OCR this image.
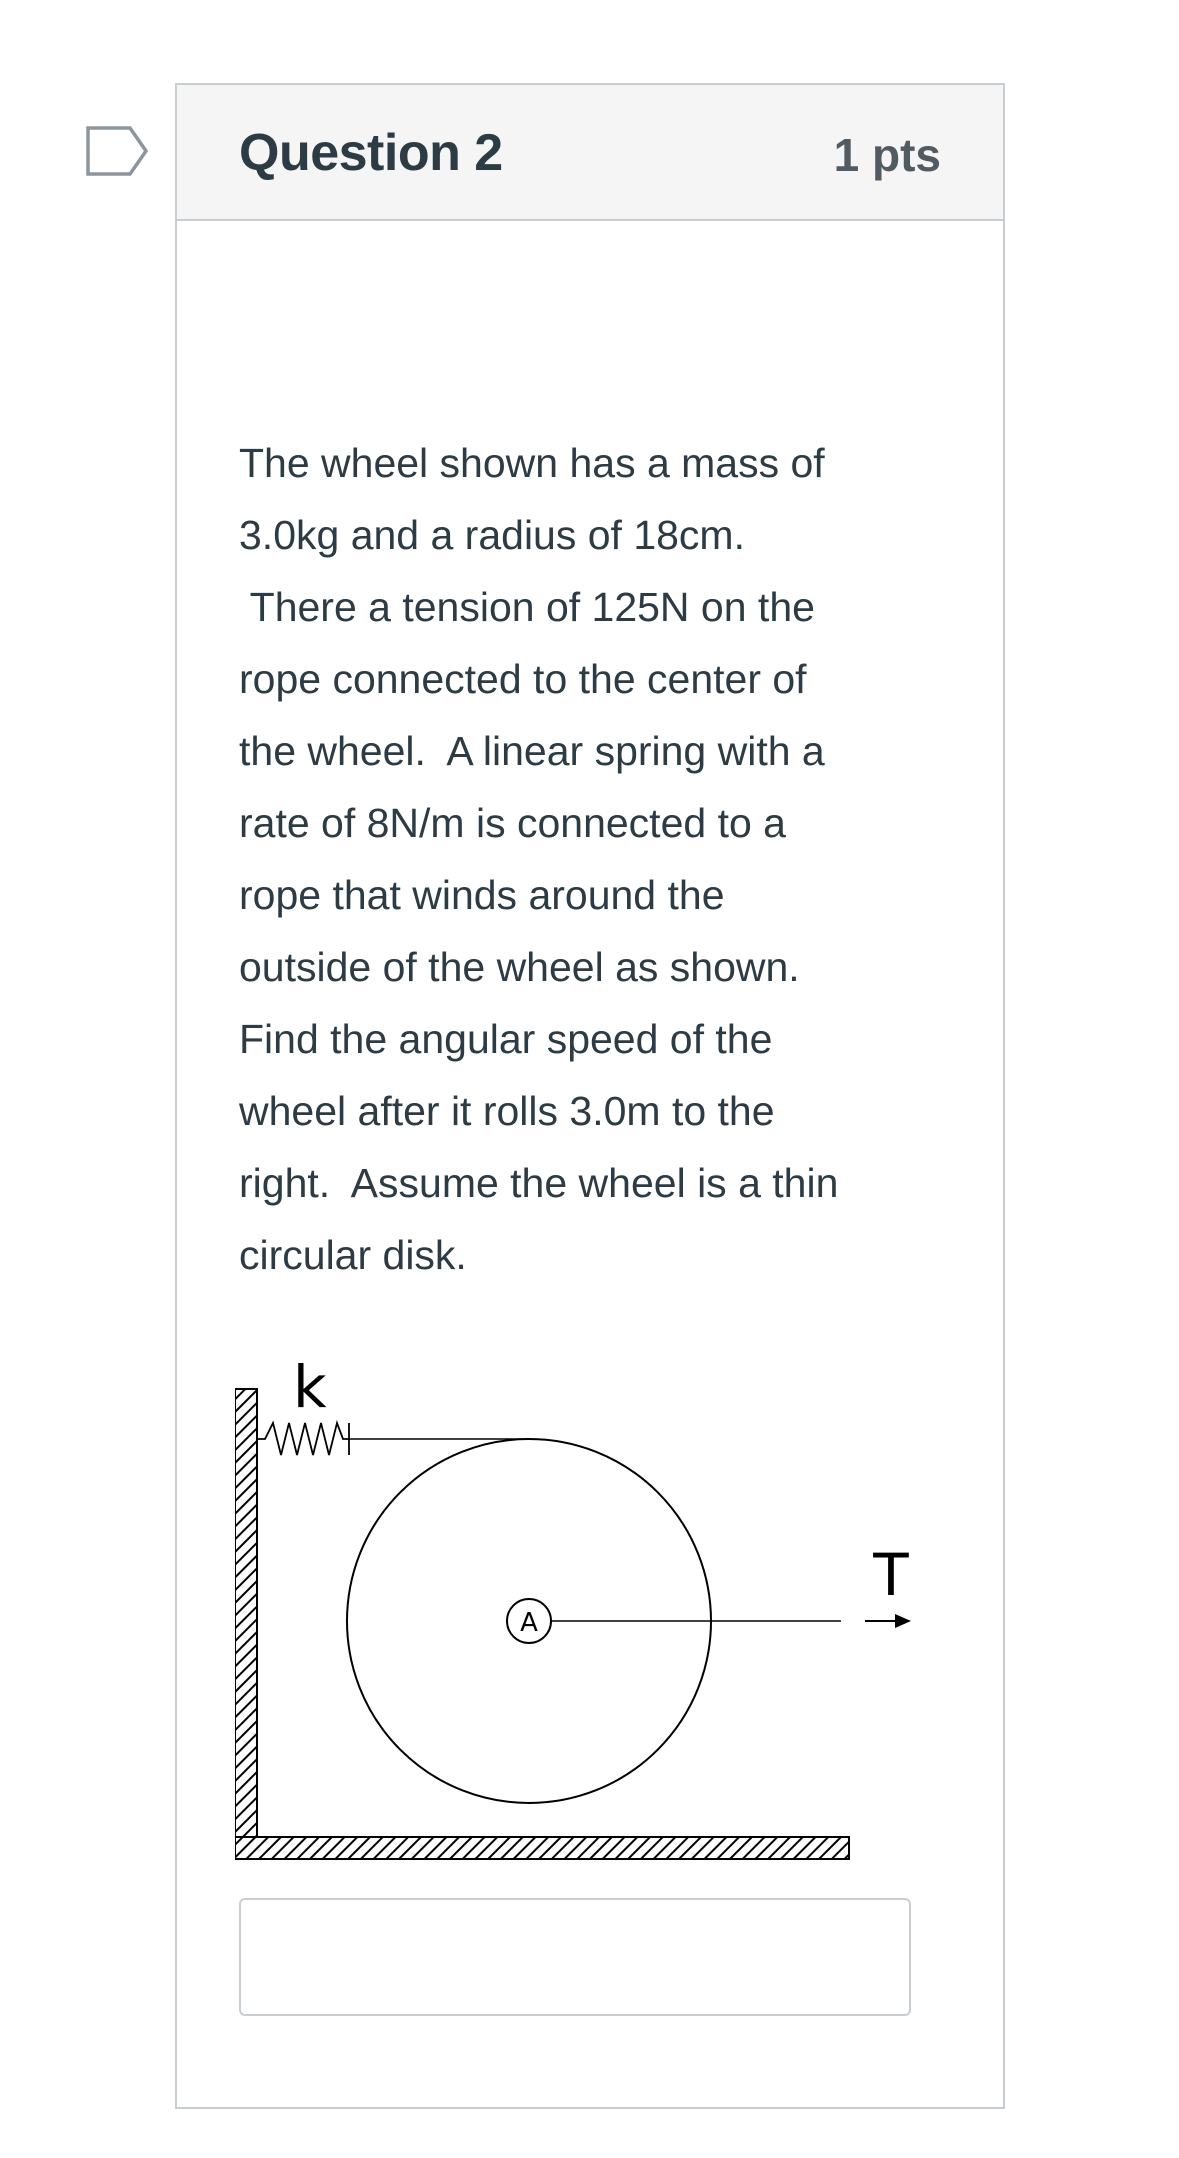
Question 2	1 pts
The wheel shown has a mass of
3.0kg and a radius of 18cm.
There a tension of 125N on the
rope connected to the center of
the wheel.  A linear spring with a
rate of 8N/m is connected to a
rope that winds around the
outside of the wheel as shown.
Find the angular speed of the
wheel after it rolls 3.0m to the
right.  Assume the wheel is a thin
circular disk.
k
A
T
